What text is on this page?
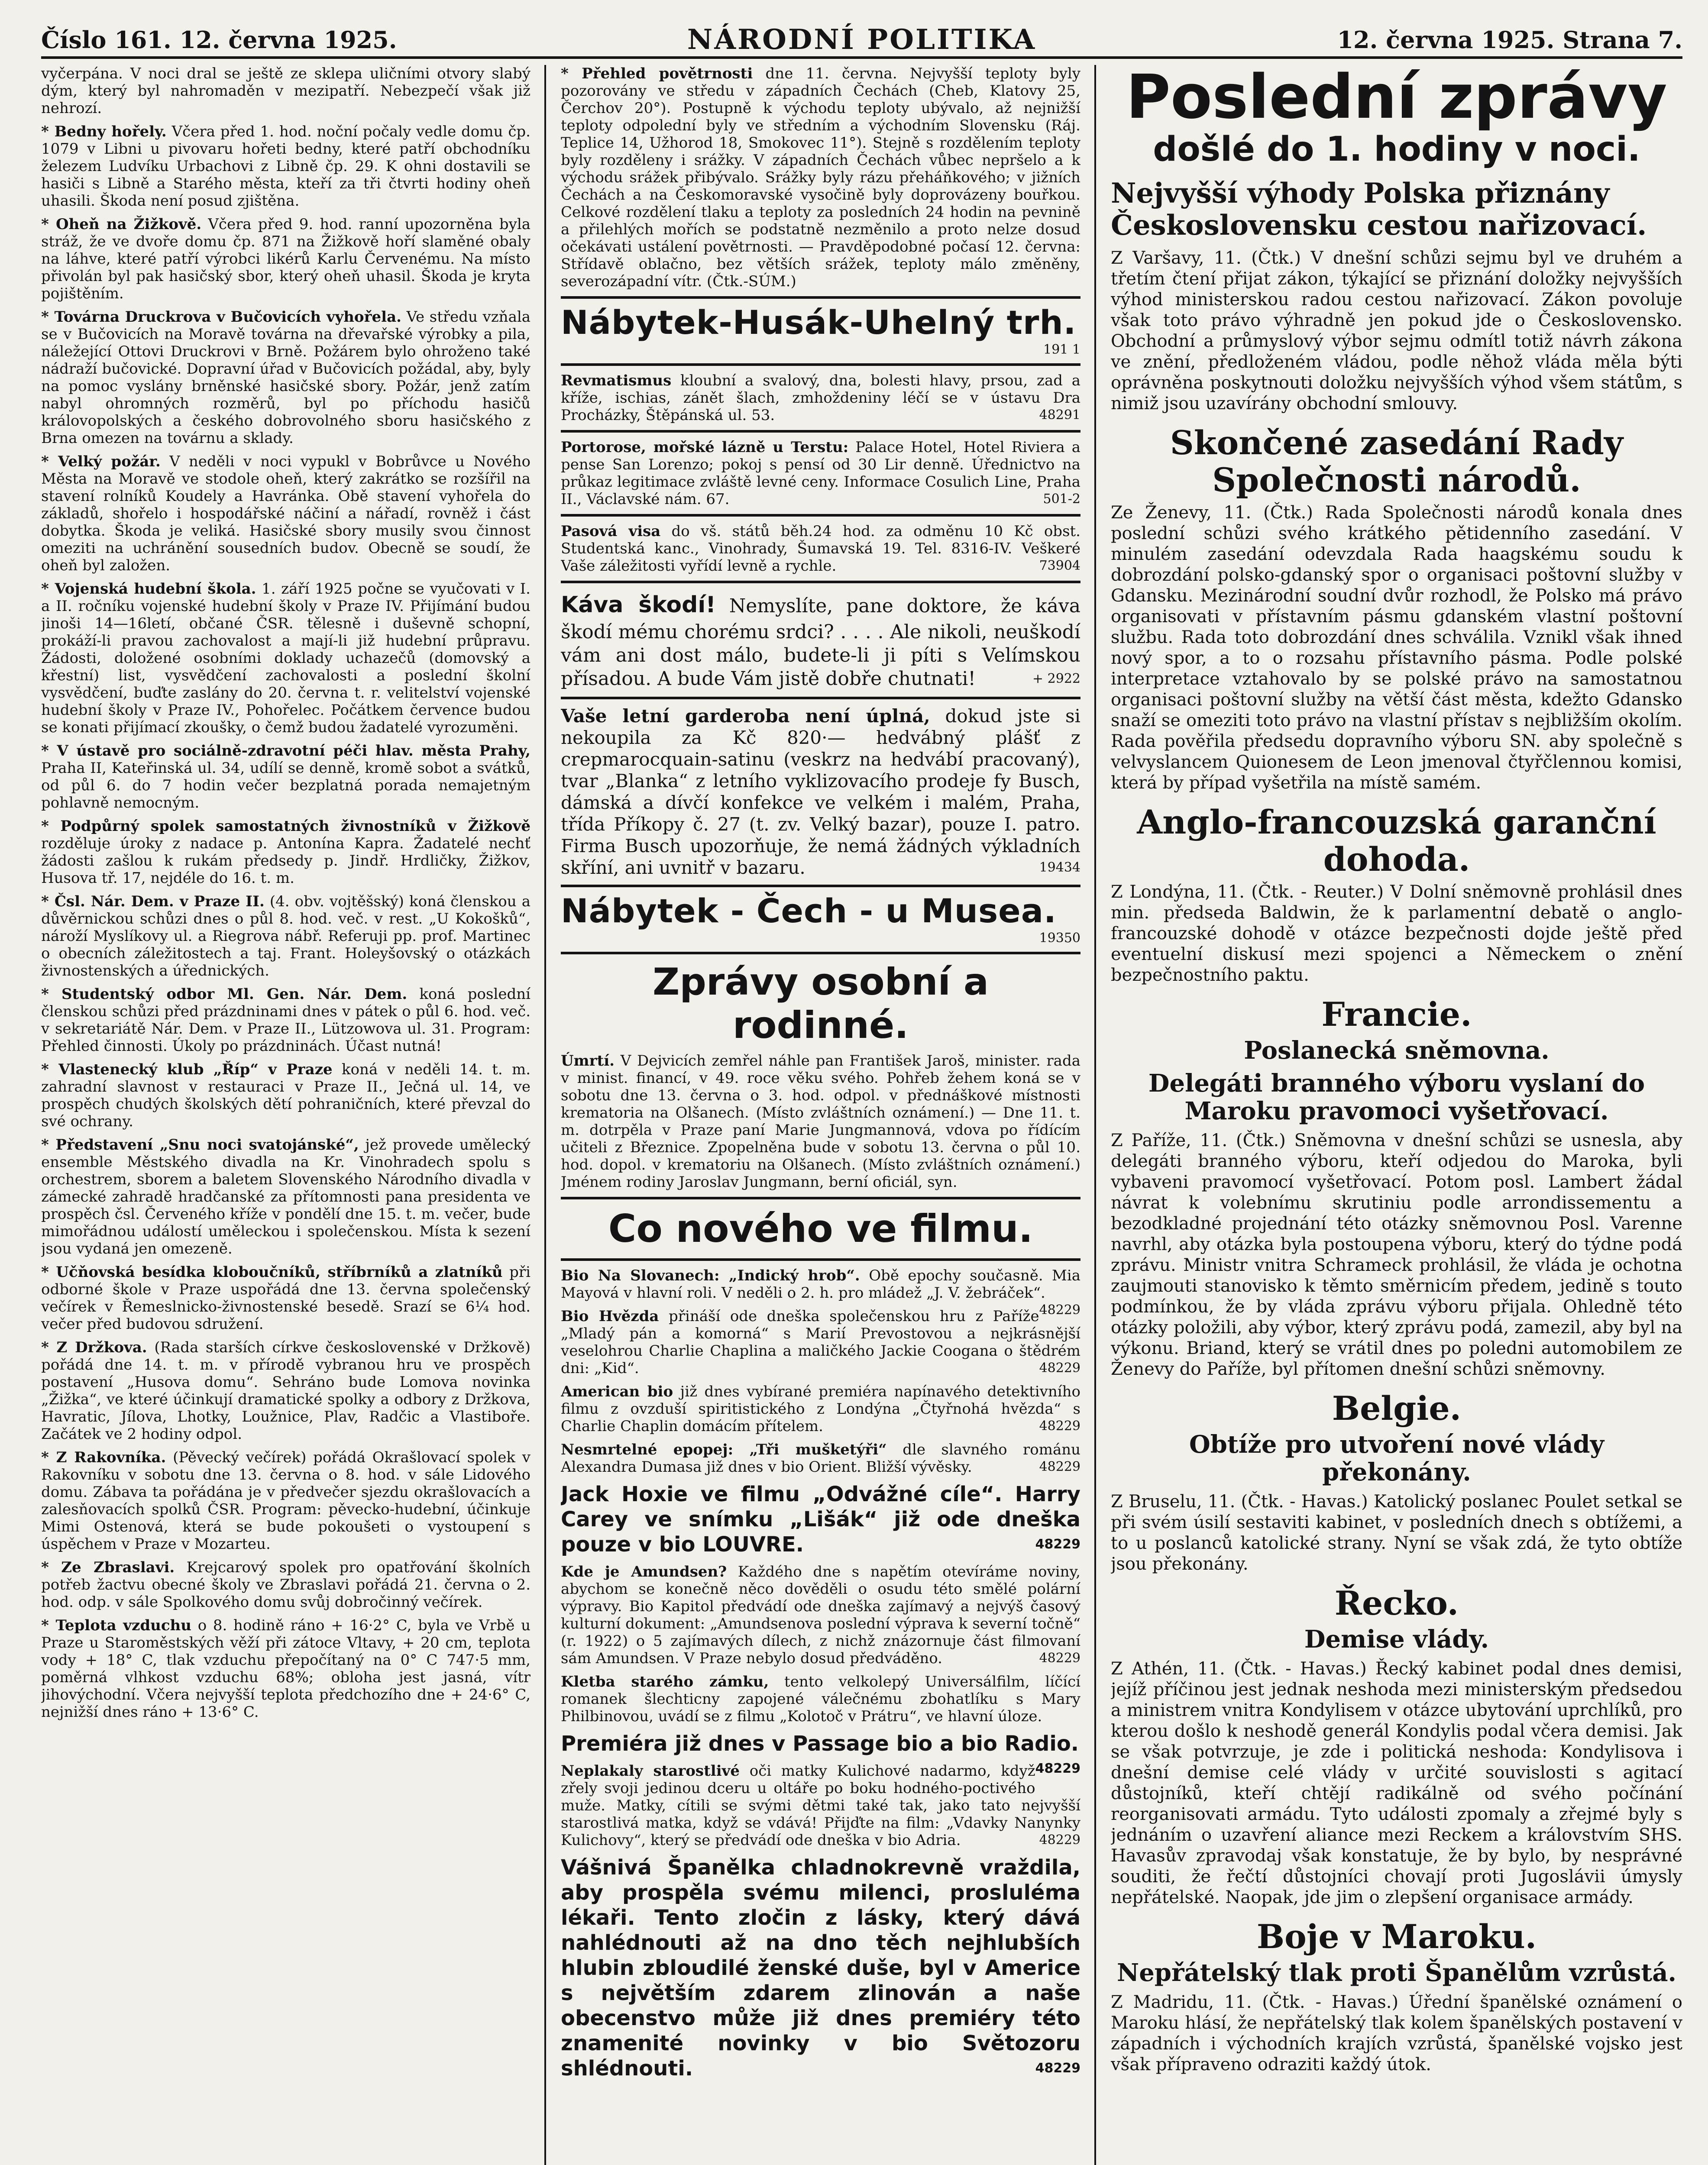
Číslo 161. 12. června 1925.	NÁRODNÍ POLITIKA	12. června 1925. Strana 7.

vyčerpána. V noci dral se ještě ze sklepa uličními otvory slabý dým, který byl nahromaděn v mezipatří. Nebezpečí však již nehrozí.

* Bedny hořely. Včera před 1. hod. noční počaly vedle domu čp. 1079 v Libni u pivovaru hořeti bedny, které patří obchodníku železem Ludvíku Urbachovi z Libně čp. 29. K ohni dostavili se hasiči s Libně a Starého města, kteří za tři čtvrti hodiny oheň uhasili. Škoda není posud zjištěna.

* Oheň na Žižkově. Včera před 9. hod. ranní upozorněna byla stráž, že ve dvoře domu čp. 871 na Žižkově hoří slaměné obaly na láhve, které patří výrobci likérů Karlu Červenému. Na místo přivolán byl pak hasičský sbor, který oheň uhasil. Škoda je kryta pojištěním.

* Továrna Druckrova v Bučovicích vyhořela. Ve středu vzňala se v Bučovicích na Moravě továrna na dřevařské výrobky a pila, náležející Ottovi Druckrovi v Brně. Požárem bylo ohroženo také nádraží bučovické. Dopravní úřad v Bučovicích požádal, aby, byly na pomoc vyslány brněnské hasičské sbory. Požár, jenž zatím nabyl ohromných rozměrů, byl po příchodu hasičů královopolských a českého dobrovolného sboru hasičského z Brna omezen na továrnu a sklady.

* Velký požár. V neděli v noci vypukl v Bobrůvce u Nového Města na Moravě ve stodole oheň, který zakrátko se rozšířil na stavení rolníků Koudely a Havránka. Obě stavení vyhořela do základů, shořelo i hospodářské náčiní a nářadí, rovněž i část dobytka. Škoda je veliká. Hasičské sbory musily svou činnost omeziti na uchránění sousedních budov. Obecně se soudí, že oheň byl založen.

* Vojenská hudební škola. 1. září 1925 počne se vyučovati v I. a II. ročníku vojenské hudební školy v Praze IV. Přijímání budou jinoši 14—16letí, občané ČSR. tělesně i duševně schopní, prokáží-li pravou zachovalost a mají-li již hudební průpravu. Žádosti, doložené osobními doklady uchazečů (domovský a křestní) list, vysvědčení zachovalosti a poslední školní vysvědčení, buďte zaslány do 20. června t. r. velitelství vojenské hudební školy v Praze IV., Pohořelec. Počátkem července budou se konati přijímací zkoušky, o čemž budou žadatelé vyrozuměni.

* V ústavě pro sociálně-zdravotní péči hlav. města Prahy, Praha II, Kateřinská ul. 34, udílí se denně, kromě sobot a svátků, od půl 6. do 7 hodin večer bezplatná porada nemajetným pohlavně nemocným.

* Podpůrný spolek samostatných živnostníků v Žižkově rozděluje úroky z nadace p. Antonína Kapra. Žadatelé nechť žádosti zašlou k rukám předsedy p. Jindř. Hrdličky, Žižkov, Husova tř. 17, nejdéle do 16. t. m.

* Čsl. Nár. Dem. v Praze II. (4. obv. vojtěšský) koná členskou a důvěrnickou schůzi dnes o půl 8. hod. več. v rest. „U Kokošků“, nároží Myslíkovy ul. a Riegrova nábř. Referuji pp. prof. Martinec o obecních záležitostech a taj. Frant. Holeyšovský o otázkách živnostenských a úřednických.

* Studentský odbor Ml. Gen. Nár. Dem. koná poslední členskou schůzi před prázdninami dnes v pátek o půl 6. hod. več. v sekretariátě Nár. Dem. v Praze II., Lützowova ul. 31. Program: Přehled činnosti. Úkoly po prázdninách. Účast nutná!

* Vlastenecký klub „Říp“ v Praze koná v neděli 14. t. m. zahradní slavnost v restauraci v Praze II., Ječná ul. 14, ve prospěch chudých školských dětí pohraničních, které převzal do své ochrany.

* Představení „Snu noci svatojánské“, jež provede umělecký ensemble Městského divadla na Kr. Vinohradech spolu s orchestrem, sborem a baletem Slovenského Národního divadla v zámecké zahradě hradčanské za přítomnosti pana presidenta ve prospěch čsl. Červeného kříže v pondělí dne 15. t. m. večer, bude mimořádnou událostí uměleckou i společenskou. Místa k sezení jsou vydaná jen omezeně.

* Učňovská besídka kloboučníků, stříbrníků a zlatníků při odborné škole v Praze uspořádá dne 13. června společenský večírek v Řemeslnicko-živnostenské besedě. Srazí se 6¼ hod. večer před budovou sdružení.

* Z Držkova. (Rada starších církve československé v Držkově) pořádá dne 14. t. m. v přírodě vybranou hru ve prospěch postavení „Husova domu“. Sehráno bude Lomova novinka „Žižka“, ve které účinkují dramatické spolky a odbory z Držkova, Havratic, Jílova, Lhotky, Loužnice, Plav, Radčic a Vlastiboře. Začátek ve 2 hodiny odpol.

* Z Rakovníka. (Pěvecký večírek) pořádá Okrašlovací spolek v Rakovníku v sobotu dne 13. června o 8. hod. v sále Lidového domu. Zábava ta pořádána je v předvečer sjezdu okrašlovacích a zalesňovacích spolků ČSR. Program: pěvecko-hudební, účinkuje Mimi Ostenová, která se bude pokoušeti o vystoupení s úspěchem v Praze v Mozarteu.

* Ze Zbraslavi. Krejcarový spolek pro opatřování školních potřeb žactvu obecné školy ve Zbraslavi pořádá 21. června o 2. hod. odp. v sále Spolkového domu svůj dobročinný večírek.

* Teplota vzduchu o 8. hodině ráno + 16·2° C, byla ve Vrbě u Praze u Staroměstských věží při zátoce Vltavy, + 20 cm, teplota vody + 18° C, tlak vzduchu přepočítaný na 0° C 747·5 mm, poměrná vlhkost vzduchu 68%; obloha jest jasná, vítr jihovýchodní. Včera nejvyšší teplota předchozího dne + 24·6° C, nejnižší dnes ráno + 13·6° C.

* Přehled povětrnosti dne 11. června. Nejvyšší teploty byly pozorovány ve středu v západních Čechách (Cheb, Klatovy 25, Čerchov 20°). Postupně k východu teploty ubývalo, až nejnižší teploty odpolední byly ve středním a východním Slovensku (Ráj. Teplice 14, Užhorod 18, Smokovec 11°). Stejně s rozdělením teploty byly rozděleny i srážky. V západních Čechách vůbec nepršelo a k východu srážek přibývalo. Srážky byly rázu přeháňkového; v jižních Čechách a na Českomoravské vysočině byly doprovázeny bouřkou. Celkové rozdělení tlaku a teploty za posledních 24 hodin na pevnině a přilehlých mořích se podstatně nezměnilo a proto nelze dosud očekávati ustálení povětrnosti. — Pravděpodobné počasí 12. června: Střídavě oblačno, bez větších srážek, teploty málo změněny, severozápadní vítr. (Čtk.-SÚM.)

Nábytek-Husák-Uhelný trh.
191 1

Revmatismus kloubní a svalový, dna, bolesti hlavy, prsou, zad a kříže, ischias, zánět šlach, zmhoždeniny léčí se v ústavu Dra Procházky, Štěpánská ul. 53.	48291

Portorose, mořské lázně u Terstu: Palace Hotel, Hotel Riviera a pense San Lorenzo; pokoj s pensí od 30 Lir denně. Úřednictvo na průkaz legitimace zvláště levné ceny. Informace Cosulich Line, Praha II., Václavské nám. 67.	501-2

Pasová visa do vš. států běh.24 hod. za odměnu 10 Kč obst. Studentská kanc., Vinohrady, Šumavská 19. Tel. 8316-IV. Veškeré Vaše záležitosti vyřídí levně a rychle.	73904

Káva škodí! Nemyslíte, pane doktore, že káva škodí mému chorému srdci? . . . . Ale nikoli, neuškodí vám ani dost málo, budete-li ji píti s Velímskou přísadou. A bude Vám jistě dobře chutnati!	+ 2922

Vaše letní garderoba není úplná, dokud jste si nekoupila za Kč 820·— hedvábný plášť z crepmarocquain-satinu (veskrz na hedvábí pracovaný), tvar „Blanka“ z letního vyklizovacího prodeje fy Busch, dámská a dívčí konfekce ve velkém i malém, Praha, třída Příkopy č. 27 (t. zv. Velký bazar), pouze I. patro. Firma Busch upozorňuje, že nemá žádných výkladních skříní, ani uvnitř v bazaru.	19434

Nábytek - Čech - u Musea.
19350
Zprávy osobní a rodinné.

Úmrtí. V Dejvicích zemřel náhle pan František Jaroš, minister. rada v minist. financí, v 49. roce věku svého. Pohřeb žehem koná se v sobotu dne 13. června o 3. hod. odpol. v přednáškové místnosti krematoria na Olšanech. (Místo zvláštních oznámení.) — Dne 11. t. m. dotrpěla v Praze paní Marie Jungmannová, vdova po řídícím učiteli z Březnice. Zpopelněna bude v sobotu 13. června o půl 10. hod. dopol. v krematoriu na Olšanech. (Místo zvláštních oznámení.) Jménem rodiny Jaroslav Jungmann, berní oficiál, syn.

Co nového ve filmu.

Bio Na Slovanech: „Indický hrob“. Obě epochy současně. Mia Mayová v hlavní roli. V neděli o 2. h. pro mládež „J. V. žebráček“.
48229

Bio Hvězda přináší ode dneška společenskou hru z Paříže „Mladý pán a komorná“ s Marií Prevostovou a nejkrásnější veselohrou Charlie Chaplina a maličkého Jackie Coogana o štědrém dni: „Kid“.	48229

American bio již dnes vybírané premiéra napínavého detektivního filmu z ovzduší spiritistického z Londýna „Čtyřnohá hvězda“ s Charlie Chaplin domácím přítelem.	48229

Nesmrtelné epopej: „Tři mušketýři“ dle slavného románu Alexandra Dumasa již dnes v bio Orient. Bližší vývěsky.	48229

Jack Hoxie ve filmu „Odvážné cíle“. Harry Carey ve snímku „Lišák“ již ode dneška pouze v bio LOUVRE.	48229

Kde je Amundsen? Každého dne s napětím otevíráme noviny, abychom se konečně něco dověděli o osudu této smělé polární výpravy. Bio Kapitol předvádí ode dneška zajímavý a nejvýš časový kulturní dokument: „Amundsenova poslední výprava k severní točně“ (r. 1922) o 5 zajímavých dílech, z nichž znázornuje část filmovaní sám Amundsen. V Praze nebylo dosud předváděno.	48229

Kletba starého zámku, tento velkolepý Universálfilm, líčící romanek šlechticny zapojené válečnému zbohatlíku s Mary Philbinovou, uvádí se z filmu „Kolotoč v Prátru“, ve hlavní úloze.

Premiéra již dnes v Passage bio a bio Radio.
48229

Neplakaly starostlivé oči matky Kulichové nadarmo, když zřely svoji jedinou dceru u oltáře po boku hodného-poctivého muže. Matky, cítili se svými dětmi také tak, jako tato nejvyšší starostlivá matka, když se vdává! Přijďte na film: „Vdavky Nanynky Kulichovy“, který se předvádí ode dneška v bio Adria.	48229

Vášnivá Španělka chladnokrevně vraždila, aby prospěla svému milenci, prosluléma lékaři. Tento zločin z lásky, který dává nahlédnouti až na dno těch nejhlubších hlubin zbloudilé ženské duše, byl v Americe s největším zdarem zlinován a naše obecenstvo může již dnes premiéry této znamenité novinky v bio Světozoru shlédnouti.	48229

Poslední zprávy
došlé do 1. hodiny v noci.
Nejvyšší výhody Polska přiznány Československu cestou nařizovací.

Z Varšavy, 11. (Čtk.) V dnešní schůzi sejmu byl ve druhém a třetím čtení přijat zákon, týkající se přiznání doložky nejvyšších výhod ministerskou radou cestou nařizovací. Zákon povoluje však toto právo výhradně jen pokud jde o Československo. Obchodní a průmyslový výbor sejmu odmítl totiž návrh zákona ve znění, předloženém vládou, podle něhož vláda měla býti oprávněna poskytnouti doložku nejvyšších výhod všem státům, s nimiž jsou uzavírány obchodní smlouvy.

Skončené zasedání Rady Společnosti národů.

Ze Ženevy, 11. (Čtk.) Rada Společnosti národů konala dnes poslední schůzi svého krátkého pětidenního zasedání. V minulém zasedání odevzdala Rada haagskému soudu k dobrozdání polsko-gdanský spor o organisaci poštovní služby v Gdansku. Mezinárodní soudní dvůr rozhodl, že Polsko má právo organisovati v přístavním pásmu gdanském vlastní poštovní službu. Rada toto dobrozdání dnes schválila. Vznikl však ihned nový spor, a to o rozsahu přístavního pásma. Podle polské interpretace vztahovalo by se polské právo na samostatnou organisaci poštovní služby na větší část města, kdežto Gdansko snaží se omeziti toto právo na vlastní přístav s nejbližším okolím. Rada pověřila předsedu dopravního výboru SN. aby společně s velvyslancem Quionesem de Leon jmenoval čtyřčlennou komisi, která by případ vyšetřila na místě samém.

Anglo-francouzská garanční dohoda.

Z Londýna, 11. (Čtk. - Reuter.) V Dolní sněmovně prohlásil dnes min. předseda Baldwin, že k parlamentní debatě o anglo-francouzské dohodě v otázce bezpečnosti dojde ještě před eventuelní diskusí mezi spojenci a Německem o znění bezpečnostního paktu.

Francie.
Poslanecká sněmovna.
Delegáti branného výboru vyslaní do Maroku pravomoci vyšetřovací.

Z Paříže, 11. (Čtk.) Sněmovna v dnešní schůzi se usnesla, aby delegáti branného výboru, kteří odjedou do Maroka, byli vybaveni pravomocí vyšetřovací. Potom posl. Lambert žádal návrat k volebnímu skrutiniu podle arrondissementu a bezodkladné projednání této otázky sněmovnou Posl. Varenne navrhl, aby otázka byla postoupena výboru, který do týdne podá zprávu. Ministr vnitra Schrameck prohlásil, že vláda je ochotna zaujmouti stanovisko k těmto směrnicím předem, jedině s touto podmínkou, že by vláda zprávu výboru přijala. Ohledně této otázky položili, aby výbor, který zprávu podá, zamezil, aby byl na výkonu. Briand, který se vrátil dnes po poledni automobilem ze Ženevy do Paříže, byl přítomen dnešní schůzi sněmovny.

Belgie.
Obtíže pro utvoření nové vlády překonány.

Z Bruselu, 11. (Čtk. - Havas.) Katolický poslanec Poulet setkal se při svém úsilí sestaviti kabinet, v posledních dnech s obtížemi, a to u poslanců katolické strany. Nyní se však zdá, že tyto obtíže jsou překonány.

Řecko.
Demise vlády.

Z Athén, 11. (Čtk. - Havas.) Řecký kabinet podal dnes demisi, jejíž příčinou jest jednak neshoda mezi ministerským předsedou a ministrem vnitra Kondylisem v otázce ubytování uprchlíků, pro kterou došlo k neshodě generál Kondylis podal včera demisi. Jak se však potvrzuje, je zde i politická neshoda: Kondylisova i dnešní demise celé vlády v určité souvislosti s agitací důstojníků, kteří chtějí radikálně od svého počínání reorganisovati armádu. Tyto události zpomaly a zřejmé byly s jednáním o uzavření aliance mezi Reckem a královstvím SHS. Havasův zpravodaj však konstatuje, že by bylo, by nesprávné souditi, že řečtí důstojníci chovají proti Jugoslávii úmysly nepřátelské. Naopak, jde jim o zlepšení organisace armády.

Boje v Maroku.
Nepřátelský tlak proti Španělům vzrůstá.

Z Madridu, 11. (Čtk. - Havas.) Úřední španělské oznámení o Maroku hlásí, že nepřátelský tlak kolem španělských postavení v západních i východních krajích vzrůstá, španělské vojsko jest však přípraveno odraziti každý útok.
